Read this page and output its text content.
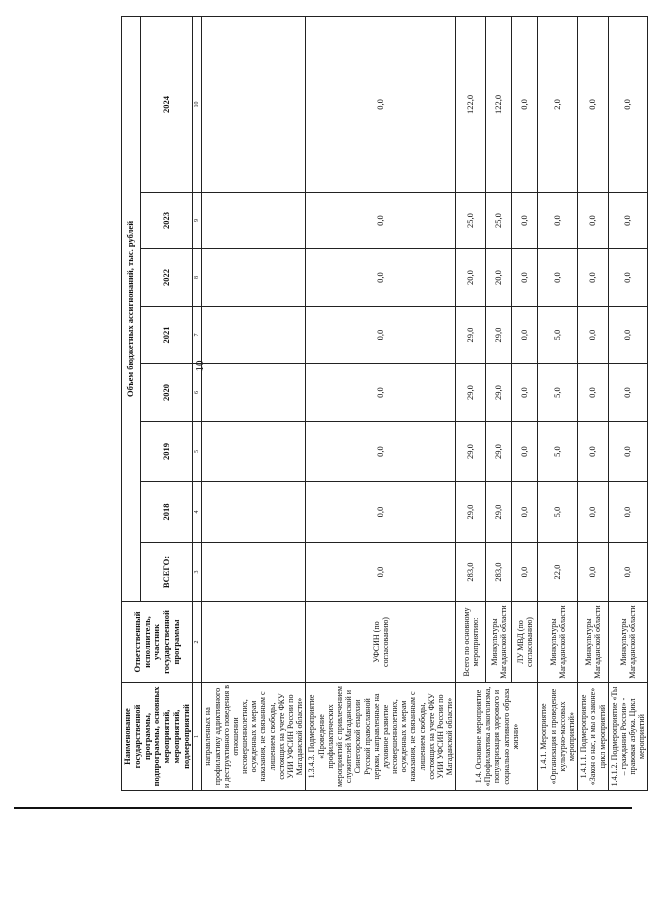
10
Наименование государственной программы, подпрограммы, основных мероприятий, мероприятий, подмероприятий	Ответственный исполнитель, участник государственной программы	Объем бюджетных ассигнований, тыс. рублей							
		ВСЕГО:	2018	2019	2020	2021	2022	2023	2024
1	2	3	4	5	6	7	8	9	10
направленных на профилактику аддиктивного и деструктивного поведения в отношении несовершеннолетних, осужденных к мерам наказания, не связанным с лишением свободы, состоящих на учете ФКУ УИИ УФСИН России по Магаданской области»									
1.3.4.3. Подмероприятие «Проведение профилактических мероприятий с привлечением служителей Магаданской и Синегорской епархии Русской православной церкви, направленные на духовное развитие несовершеннолетних, осужденных к мерам наказания, не связанным с лишением свободы, состоящих на учете ФКУ УИИ УФСИН России по Магаданской области»	УФСИН (по согласованию)	0,0	0,0	0,0	0,0	0,0	0,0	0,0	0,0
1.4. Основное мероприятие «Профилактика алкоголизма, популяризация здорового и социально активного образа жизни»	Всего по основному мероприятию:	283,0	29,0	29,0	29,0	29,0	20,0	25,0	122,0
	Минкультуры Магаданской области	283,0	29,0	29,0	29,0	29,0	20,0	25,0	122,0
	ЛУ МВД (по согласованию)	0,0	0,0	0,0	0,0	0,0	0,0	0,0	0,0
1.4.1. Мероприятие «Организация и проведение культурно-массовых мероприятий»	Минкультуры Магаданской области	22,0	5,0	5,0	5,0	5,0	0,0	0,0	2,0
1.4.1.1. Подмероприятие «Закон о нас, и мы о законе» цикл мероприятий	Минкультуры Магаданской области	0,0	0,0	0,0	0,0	0,0	0,0	0,0	0,0
1.4.1.2. Подмероприятие «Ты – гражданин России» - правовая азбука. Цикл мероприятий	Минкультуры Магаданской области	0,0	0,0	0,0	0,0	0,0	0,0	0,0	0,0
